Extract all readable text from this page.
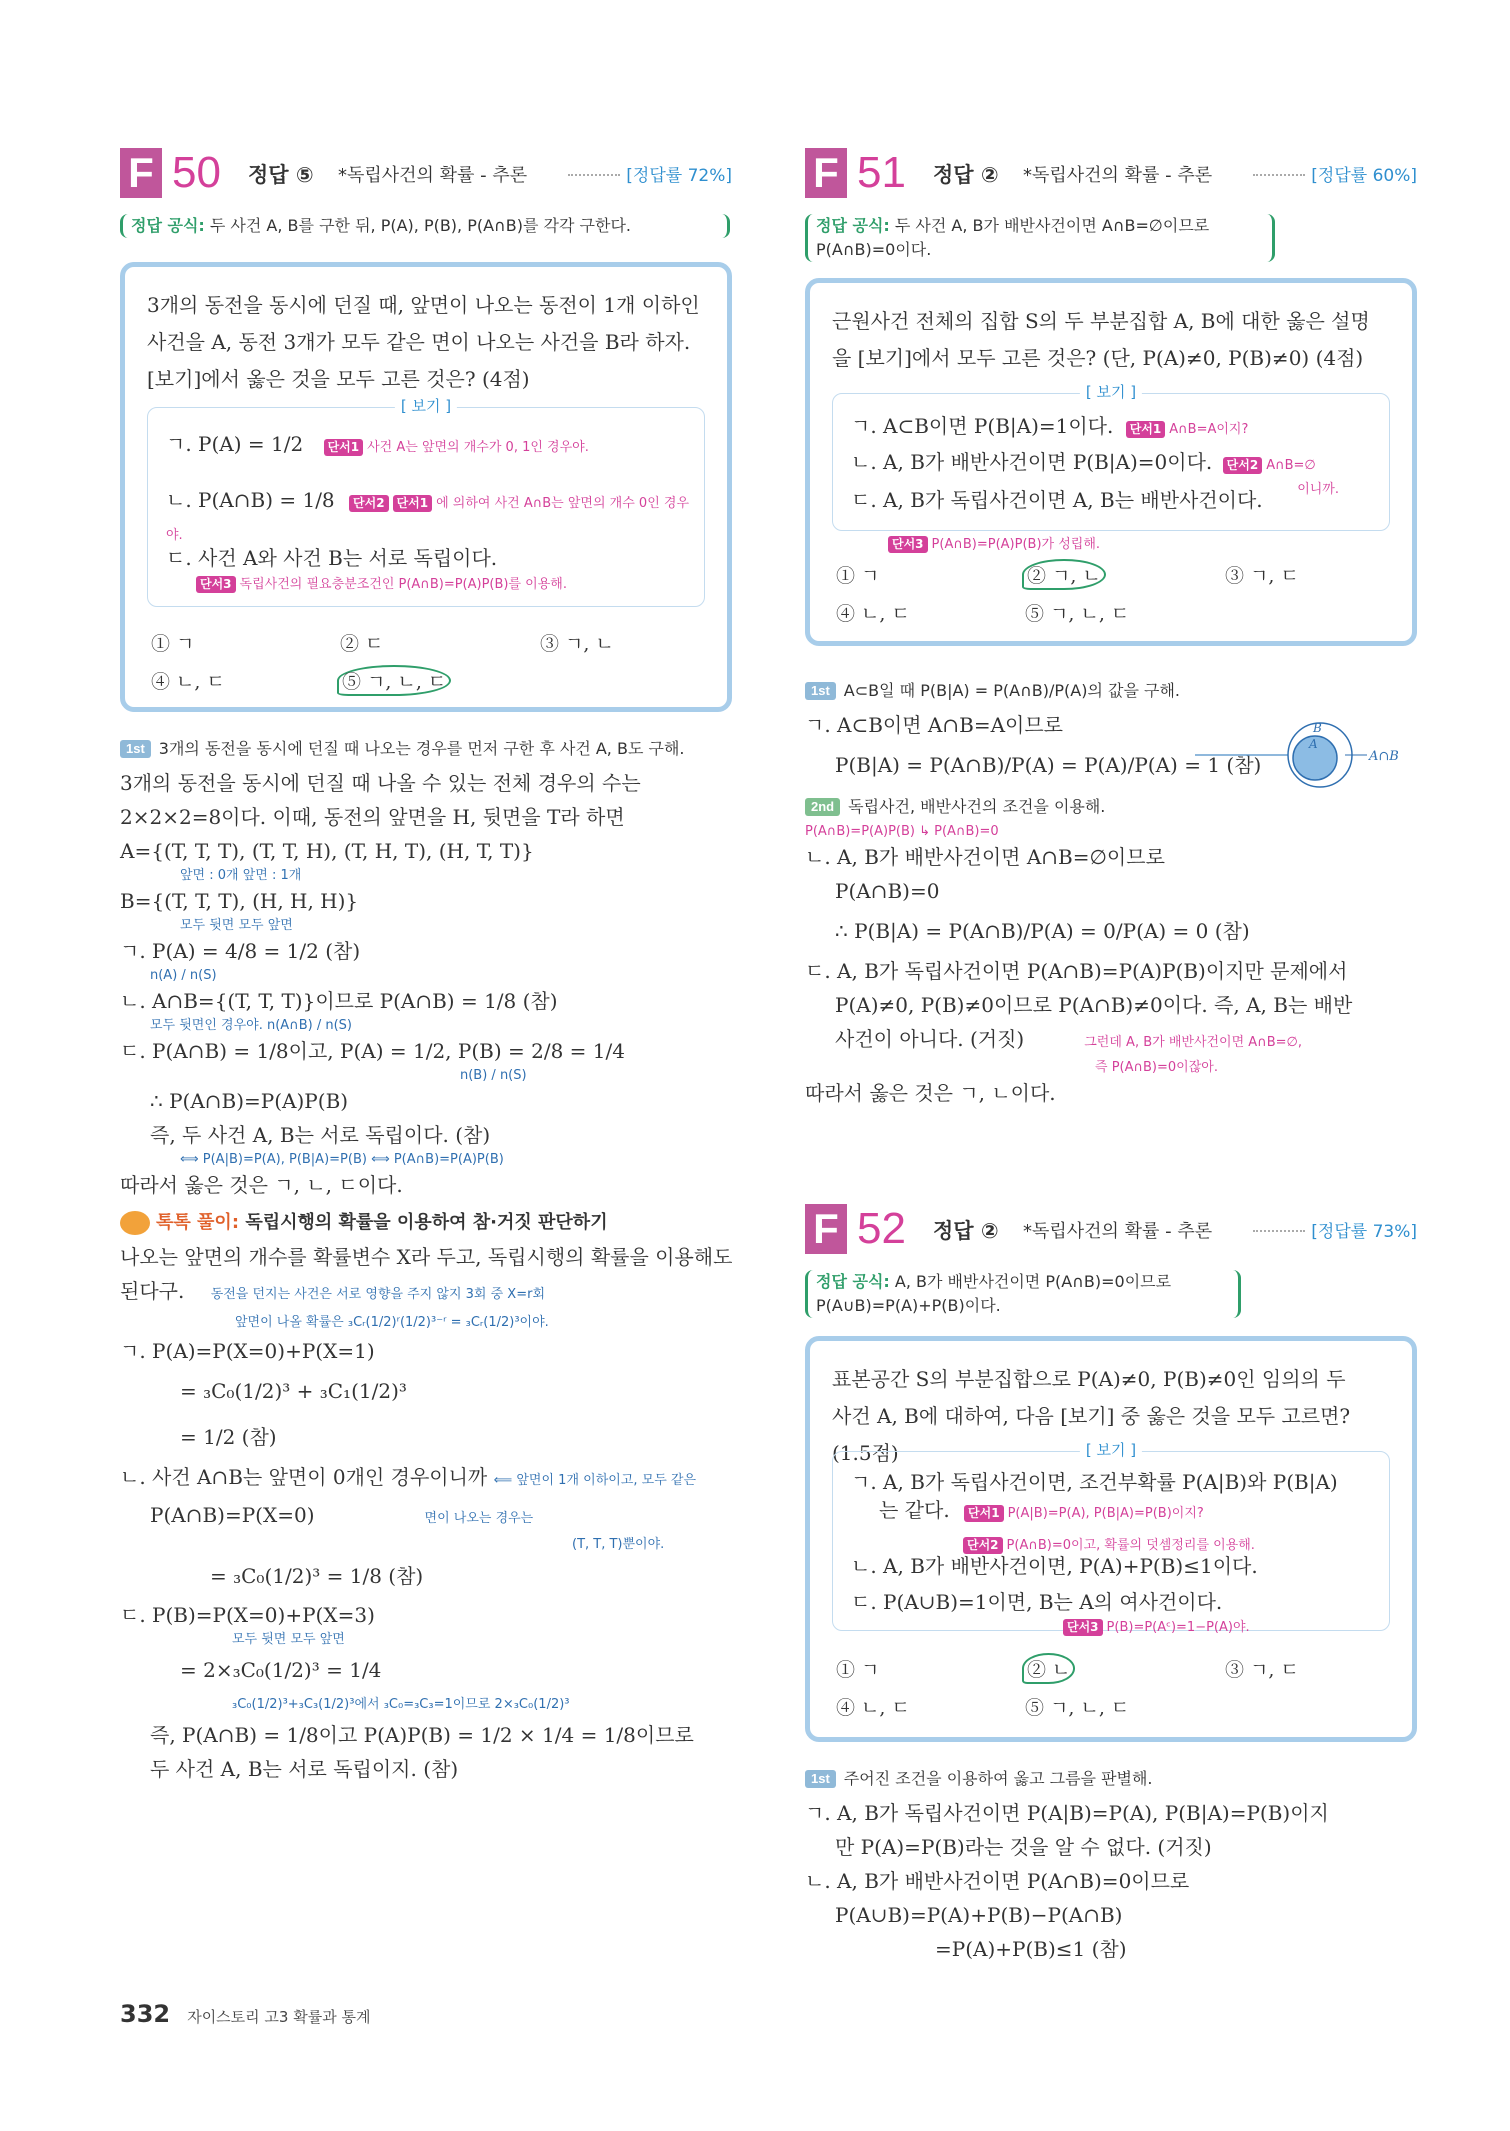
F 50 정답 ⑤ *독립사건의 확률 - 추론	[정답률 72%]
정답 공식: 두 사건 A, B를 구한 뒤, P(A), P(B), P(A∩B)를 각각 구한다.
3개의 동전을 동시에 던질 때, 앞면이 나오는 동전이 1개 이하인
사건을 A, 동전 3개가 모두 같은 면이 나오는 사건을 B라 하자.
[보기]에서 옳은 것을 모두 고른 것은? (4점)
[ 보기 ]
ㄱ. P(A) = 1/2 단서1 사건 A는 앞면의 개수가 0, 1인 경우야.
ㄴ. P(A∩B) = 1/8 단서2 단서1 에 의하여 사건 A∩B는 앞면의 개수 0인 경우야.
ㄷ. 사건 A와 사건 B는 서로 독립이다.
단서3 독립사건의 필요충분조건인 P(A∩B)=P(A)P(B)를 이용해.
① ㄱ	② ㄷ	③ ㄱ, ㄴ
④ ㄴ, ㄷ	⑤ ㄱ, ㄴ, ㄷ
1st 3개의 동전을 동시에 던질 때 나오는 경우를 먼저 구한 후 사건 A, B도 구해.
3개의 동전을 동시에 던질 때 나올 수 있는 전체 경우의 수는
2×2×2=8이다. 이때, 동전의 앞면을 H, 뒷면을 T라 하면
A={(T, T, T), (T, T, H), (T, H, T), (H, T, T)}
앞면 : 0개 앞면 : 1개
B={(T, T, T), (H, H, H)}
모두 뒷면 모두 앞면
ㄱ. P(A) = 4/8 = 1/2 (참)
n(A) / n(S)
ㄴ. A∩B={(T, T, T)}이므로 P(A∩B) = 1/8 (참)
모두 뒷면인 경우야. n(A∩B) / n(S)
ㄷ. P(A∩B) = 1/8이고, P(A) = 1/2, P(B) = 2/8 = 1/4
n(B) / n(S)
∴ P(A∩B)=P(A)P(B)
즉, 두 사건 A, B는 서로 독립이다. (참)
⟺ P(A|B)=P(A), P(B|A)=P(B) ⟺ P(A∩B)=P(A)P(B)
따라서 옳은 것은 ㄱ, ㄴ, ㄷ이다.
톡톡 풀이: 독립시행의 확률을 이용하여 참·거짓 판단하기
나오는 앞면의 개수를 확률변수 X라 두고, 독립시행의 확률을 이용해도
된다구. 동전을 던지는 사건은 서로 영향을 주지 않지 3회 중 X=r회
앞면이 나올 확률은 ₃Cᵣ(1/2)ʳ(1/2)³⁻ʳ = ₃Cᵣ(1/2)³이야.
ㄱ. P(A)=P(X=0)+P(X=1)
= ₃C₀(1/2)³ + ₃C₁(1/2)³
= 1/2 (참)
ㄴ. 사건 A∩B는 앞면이 0개인 경우이니까 ⟸ 앞면이 1개 이하이고, 모두 같은
P(A∩B)=P(X=0)	면이 나오는 경우는
(T, T, T)뿐이야.
= ₃C₀(1/2)³ = 1/8 (참)
ㄷ. P(B)=P(X=0)+P(X=3)
모두 뒷면 모두 앞면
= 2×₃C₀(1/2)³ = 1/4
₃C₀(1/2)³+₃C₃(1/2)³에서 ₃C₀=₃C₃=1이므로 2×₃C₀(1/2)³
즉, P(A∩B) = 1/8이고 P(A)P(B) = 1/2 × 1/4 = 1/8이므로
두 사건 A, B는 서로 독립이지. (참)
F 51 정답 ② *독립사건의 확률 - 추론	[정답률 60%]
정답 공식: 두 사건 A, B가 배반사건이면 A∩B=∅이므로
P(A∩B)=0이다.
근원사건 전체의 집합 S의 두 부분집합 A, B에 대한 옳은 설명
을 [보기]에서 모두 고른 것은? (단, P(A)≠0, P(B)≠0) (4점)
[ 보기 ]
ㄱ. A⊂B이면 P(B|A)=1이다. 단서1 A∩B=A이지?
ㄴ. A, B가 배반사건이면 P(B|A)=0이다. 단서2 A∩B=∅
이니까.
ㄷ. A, B가 독립사건이면 A, B는 배반사건이다.
단서3 P(A∩B)=P(A)P(B)가 성립해.
① ㄱ	② ㄱ, ㄴ	③ ㄱ, ㄷ
④ ㄴ, ㄷ	⑤ ㄱ, ㄴ, ㄷ
1st A⊂B일 때 P(B|A) = P(A∩B)/P(A)의 값을 구해.
ㄱ. A⊂B이면 A∩B=A이므로
P(B|A) = P(A∩B)/P(A) = P(A)/P(A) = 1 (참)
2nd 독립사건, 배반사건의 조건을 이용해.
P(A∩B)=P(A)P(B) ↳ P(A∩B)=0
ㄴ. A, B가 배반사건이면 A∩B=∅이므로
P(A∩B)=0
∴ P(B|A) = P(A∩B)/P(A) = 0/P(A) = 0 (참)
ㄷ. A, B가 독립사건이면 P(A∩B)=P(A)P(B)이지만 문제에서
P(A)≠0, P(B)≠0이므로 P(A∩B)≠0이다. 즉, A, B는 배반
사건이 아니다. (거짓)	그런데 A, B가 배반사건이면 A∩B=∅,
즉 P(A∩B)=0이잖아.
따라서 옳은 것은 ㄱ, ㄴ이다.
B
A
A∩B
F 52 정답 ② *독립사건의 확률 - 추론	[정답률 73%]
정답 공식: A, B가 배반사건이면 P(A∩B)=0이므로
P(A∪B)=P(A)+P(B)이다.
표본공간 S의 부분집합으로 P(A)≠0, P(B)≠0인 임의의 두
사건 A, B에 대하여, 다음 [보기] 중 옳은 것을 모두 고르면? (1.5점)	[ 보기 ]
ㄱ. A, B가 독립사건이면, 조건부확률 P(A|B)와 P(B|A)
는 같다. 단서1 P(A|B)=P(A), P(B|A)=P(B)이지?
단서2 P(A∩B)=0이고, 확률의 덧셈정리를 이용해.
ㄴ. A, B가 배반사건이면, P(A)+P(B)≤1이다.
ㄷ. P(A∪B)=1이면, B는 A의 여사건이다.
단서3 P(B)=P(Aᶜ)=1−P(A)야.
① ㄱ	② ㄴ	③ ㄱ, ㄷ
④ ㄴ, ㄷ	⑤ ㄱ, ㄴ, ㄷ
1st 주어진 조건을 이용하여 옳고 그름을 판별해.
ㄱ. A, B가 독립사건이면 P(A|B)=P(A), P(B|A)=P(B)이지
만 P(A)=P(B)라는 것을 알 수 없다. (거짓)
ㄴ. A, B가 배반사건이면 P(A∩B)=0이므로
P(A∪B)=P(A)+P(B)−P(A∩B)
=P(A)+P(B)≤1 (참)
332 자이스토리 고3 확률과 통계
